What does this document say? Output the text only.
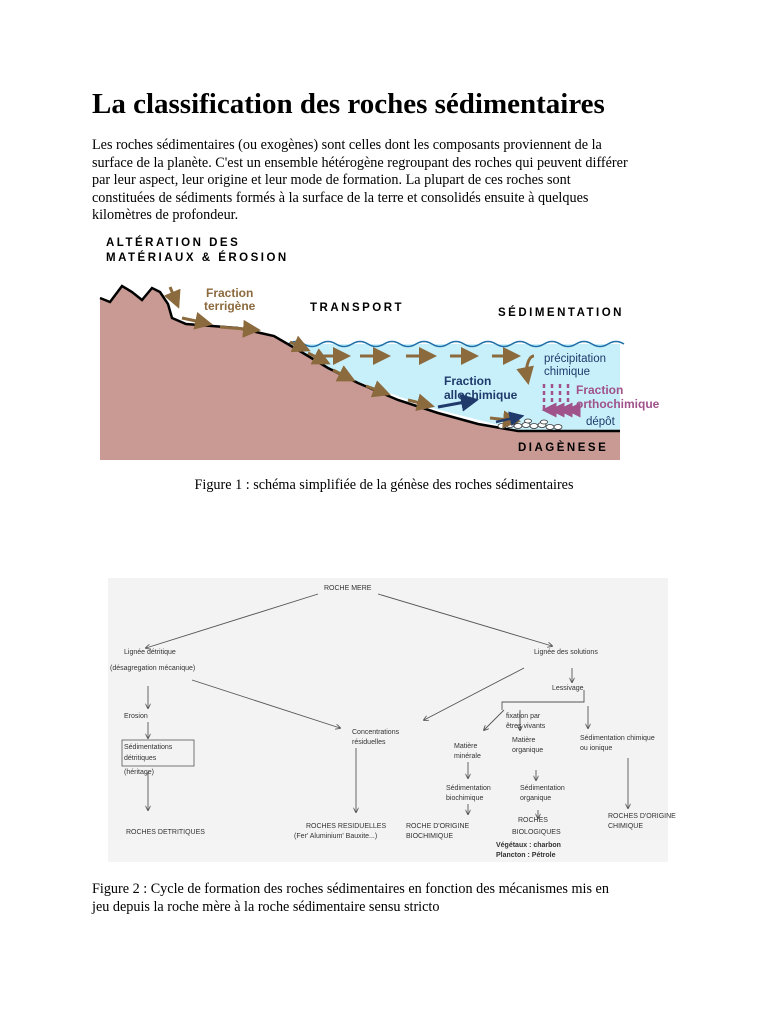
La classification des roches sédimentaires

Les roches sédimentaires (ou exogènes) sont celles dont les composants proviennent de la
surface de la planète. C'est un ensemble hétérogène regroupant des roches qui peuvent différer
par leur aspect, leur origine et leur mode de formation. La plupart de ces roches sont
constituées de sédiments formés à la surface de la terre et consolidés ensuite à quelques
kilomètres de profondeur.

ALTÉRATION DES
MATÉRIAUX & ÉROSION
Fraction
terrigène	TRANSPORT	SÉDIMENTATION
précipitation
chimique
Fraction
allochimique	Fraction
orthochimique
dépôt
DIAGÈNESE

Figure 1 : schéma simplifiée de la génèse des roches sédimentaires

ROCHE MERE
Lignée détritique
(désagregation mécanique)
Lignée des solutions
Lessivage
Erosion
Sédimentations
détritiques
(héritage)
Concentrations
résiduelles
fixation par
êtres vivants
Matière
minérale
Matière
organique
Sédimentation chimique
ou ionique
Sédimentation
biochimique
Sédimentation
organique
ROCHES DETRITIQUES
ROCHES RESIDUELLES
(Fer' Aluminium' Bauxite...)
ROCHE D'ORIGINE
BIOCHIMIQUE
ROCHES
BIOLOGIQUES
ROCHES D'ORIGINE
CHIMIQUE
Végétaux : charbon
Plancton : Pétrole

Figure 2 : Cycle de formation des roches sédimentaires en fonction des mécanismes mis en
jeu depuis la roche mère à la roche sédimentaire sensu stricto
